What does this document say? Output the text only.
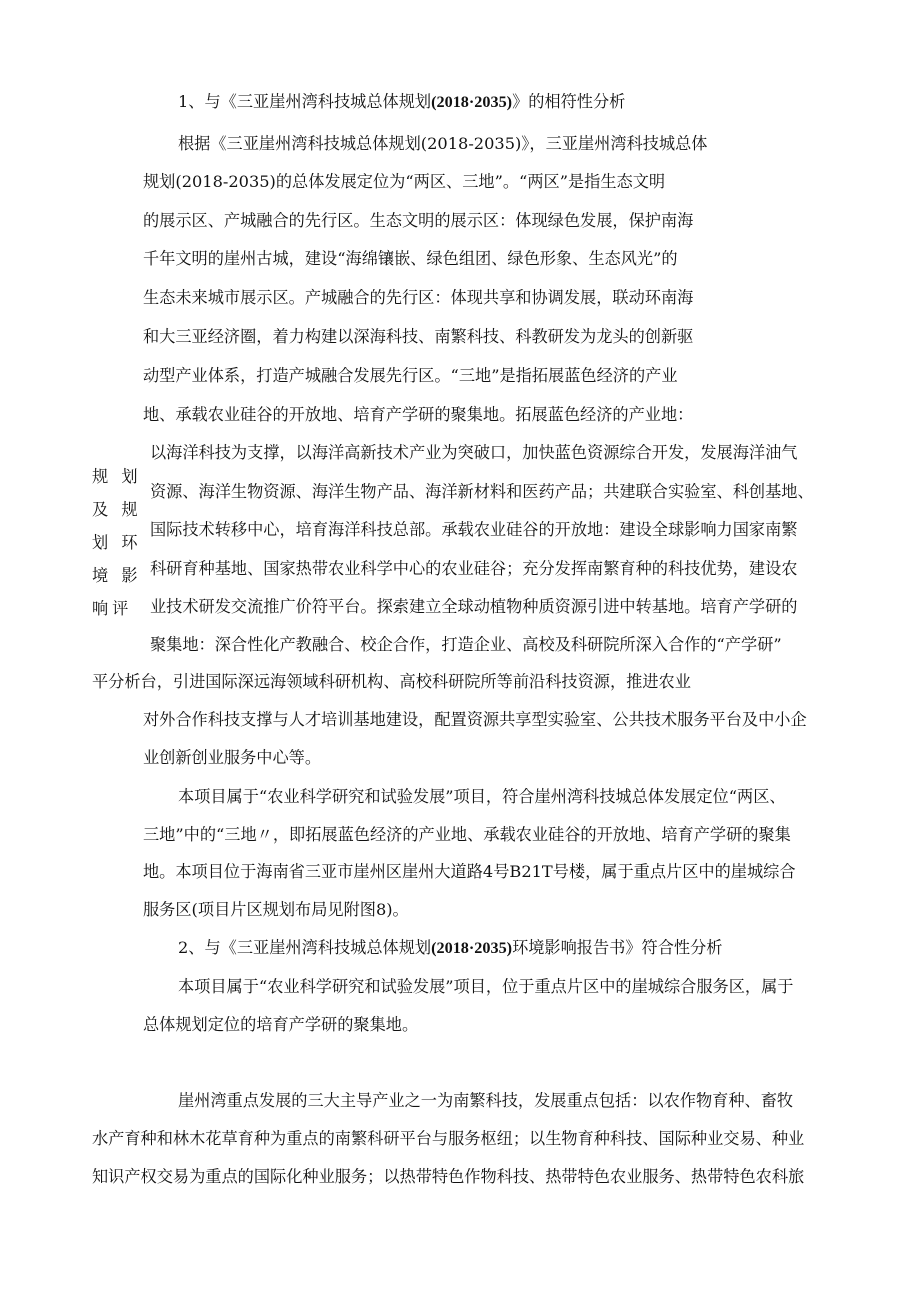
1、与《三亚崖州湾科技城总体规划(2018·2035)》的相符性分析
根据《三亚崖州湾科技城总体规划(2018-2035)》，三亚崖州湾科技城总体
规划(2018-2035)的总体发展定位为“两区、三地”。“两区”是指生态文明
的展示区、产城融合的先行区。生态文明的展示区：体现绿色发展，保护南海
千年文明的崖州古城，建设“海绵镶嵌、绿色组团、绿色形象、生态风光”的
生态未来城市展示区。产城融合的先行区：体现共享和协调发展，联动环南海
和大三亚经济圈，着力构建以深海科技、南繁科技、科教研发为龙头的创新驱
动型产业体系，打造产城融合发展先行区。“三地”是指拓展蓝色经济的产业
地、承载农业硅谷的开放地、培育产学研的聚集地。拓展蓝色经济的产业地：
以海洋科技为支撑，以海洋高新技术产业为突破口，加快蓝色资源综合开发，发展海洋油气
资源、海洋生物资源、海洋生物产品、海洋新材料和医药产品；共建联合实验室、科创基地、
国际技术转移中心，培育海洋科技总部。承载农业硅谷的开放地：建设全球影响力国家南繁
科研育种基地、国家热带农业科学中心的农业硅谷；充分发挥南繁育种的科技优势，建设农
业技术研发交流推广价符平台。探索建立全球动植物种质资源引进中转基地。培育产学研的
聚集地：深合性化产教融合、校企合作，打造企业、高校及科研院所深入合作的“产学研”
平分析台，引进国际深远海领域科研机构、高校科研院所等前沿科技资源，推进农业
对外合作科技支撑与人才培训基地建设，配置资源共享型实验室、公共技术服务平台及中小企
业创新创业服务中心等。
规 划
及 规
划 环
境 影
响评
本项目属于“农业科学研究和试验发展”项目，符合崖州湾科技城总体发展定位“两区、
三地”中的“三地〃，即拓展蓝色经济的产业地、承载农业硅谷的开放地、培育产学研的聚集
地。本项目位于海南省三亚市崖州区崖州大道路4号B21T号楼，属于重点片区中的崖城综合
服务区(项目片区规划布局见附图8)。
2、与《三亚崖州湾科技城总体规划(2018·2035)环境影响报告书》符合性分析
本项目属于“农业科学研究和试验发展”项目，位于重点片区中的崖城综合服务区，属于
总体规划定位的培育产学研的聚集地。
崖州湾重点发展的三大主导产业之一为南繁科技，发展重点包括：以农作物育种、畜牧
水产育种和林木花草育种为重点的南繁科研平台与服务枢纽；以生物育种科技、国际种业交易、种业
知识产权交易为重点的国际化种业服务；以热带特色作物科技、热带特色农业服务、热带特色农科旅
